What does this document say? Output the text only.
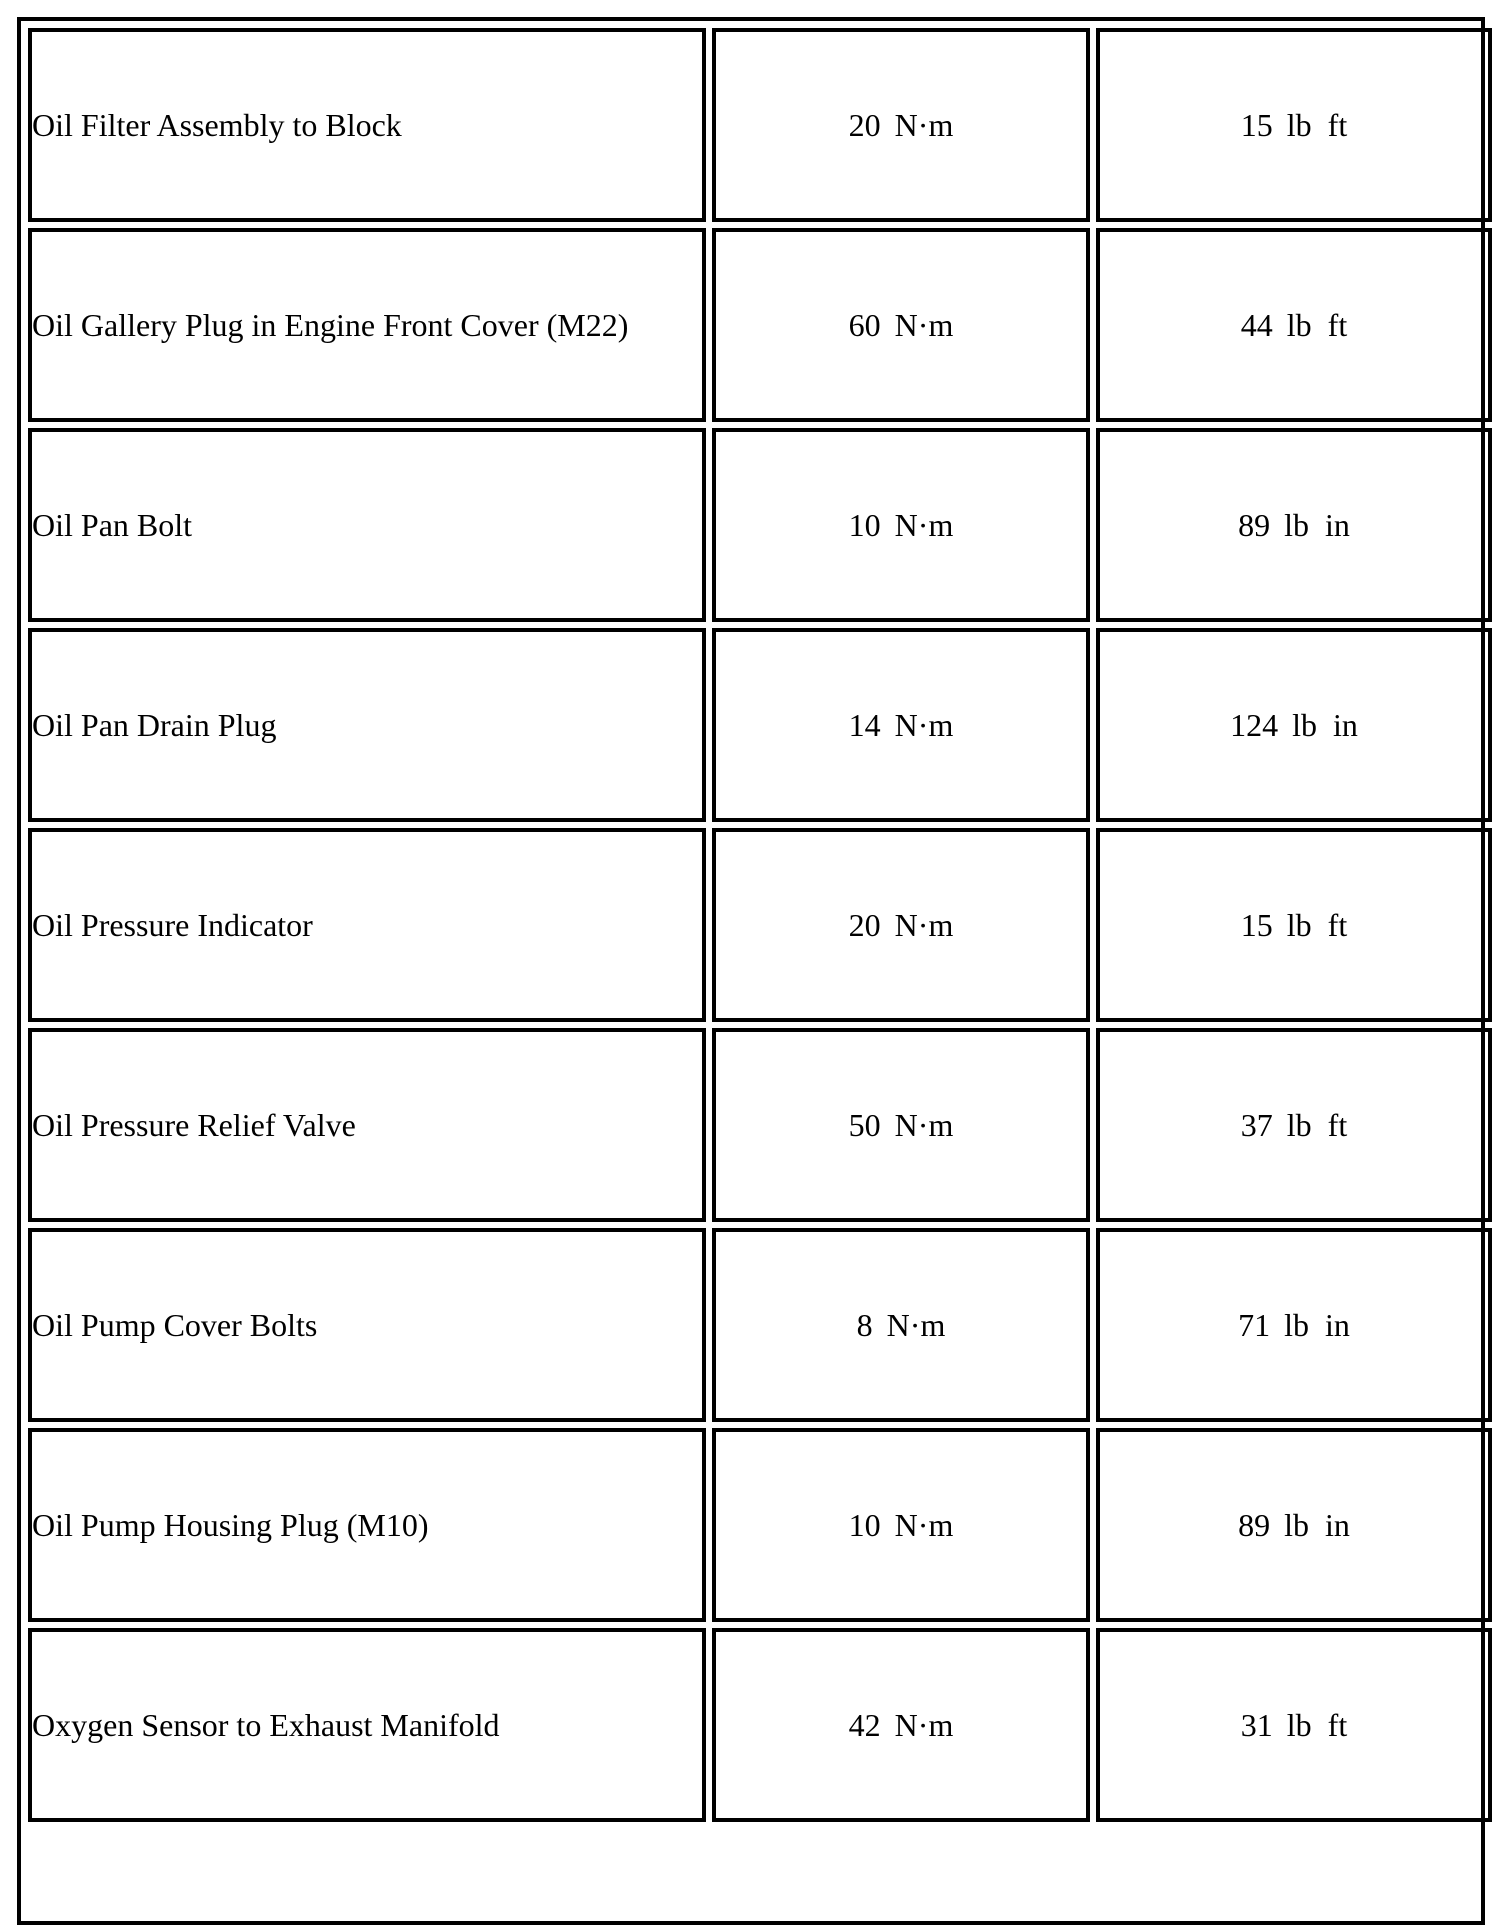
Oil Filter Assembly to Block	20 N·m	15 lb  ft
Oil Gallery Plug in Engine Front Cover (M22)	60 N·m	44 lb  ft
Oil Pan Bolt	10 N·m	89 lb  in
Oil Pan Drain Plug	14 N·m	124 lb  in
Oil Pressure Indicator	20 N·m	15 lb  ft
Oil Pressure Relief Valve	50 N·m	37 lb  ft
Oil Pump Cover Bolts	8 N·m	71 lb  in
Oil Pump Housing Plug (M10)	10 N·m	89 lb  in
Oxygen Sensor to Exhaust Manifold	42 N·m	31 lb  ft
